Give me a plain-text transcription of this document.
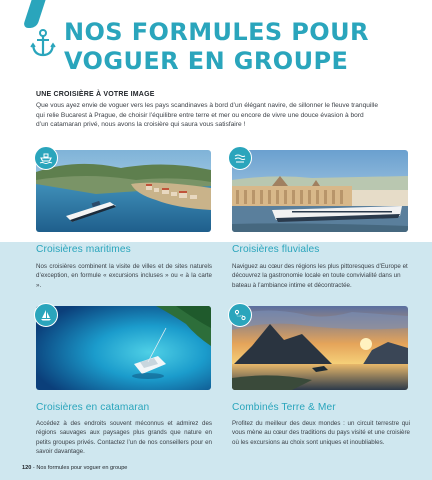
NOS FORMULES POUR
VOGUER EN GROUPE
UNE CROISIÈRE À VOTRE IMAGE
Que vous ayez envie de voguer vers les pays scandinaves à bord d’un élégant navire, de sillonner le fleuve tranquille
qui relie Bucarest à Prague, de choisir l’équilibre entre terre et mer ou encore de vivre une douce évasion à bord
d’un catamaran privé, nous avons la croisière qui saura vous satisfaire !
Croisières maritimes
Nos croisières combinent la visite de villes et de sites naturels d’exception, en formule « excursions incluses » ou « à la carte ».
Croisières fluviales
Naviguez au cœur des régions les plus pittoresques d’Europe et découvrez la gastronomie locale en toute convivialité dans un bateau à l’ambiance intime et décontractée.
Croisières en catamaran
Accédez à des endroits souvent méconnus et admirez des régions sauvages aux paysages plus grands que nature en petits groupes privés. Contactez l’un de nos conseillers pour en savoir davantage.
Combinés Terre & Mer
Profitez du meilleur des deux mondes : un circuit terrestre qui vous mène au cœur des traditions du pays visité et une croisière où les excursions au choix sont uniques et inoubliables.
120 - Nos formules pour voguer en groupe
